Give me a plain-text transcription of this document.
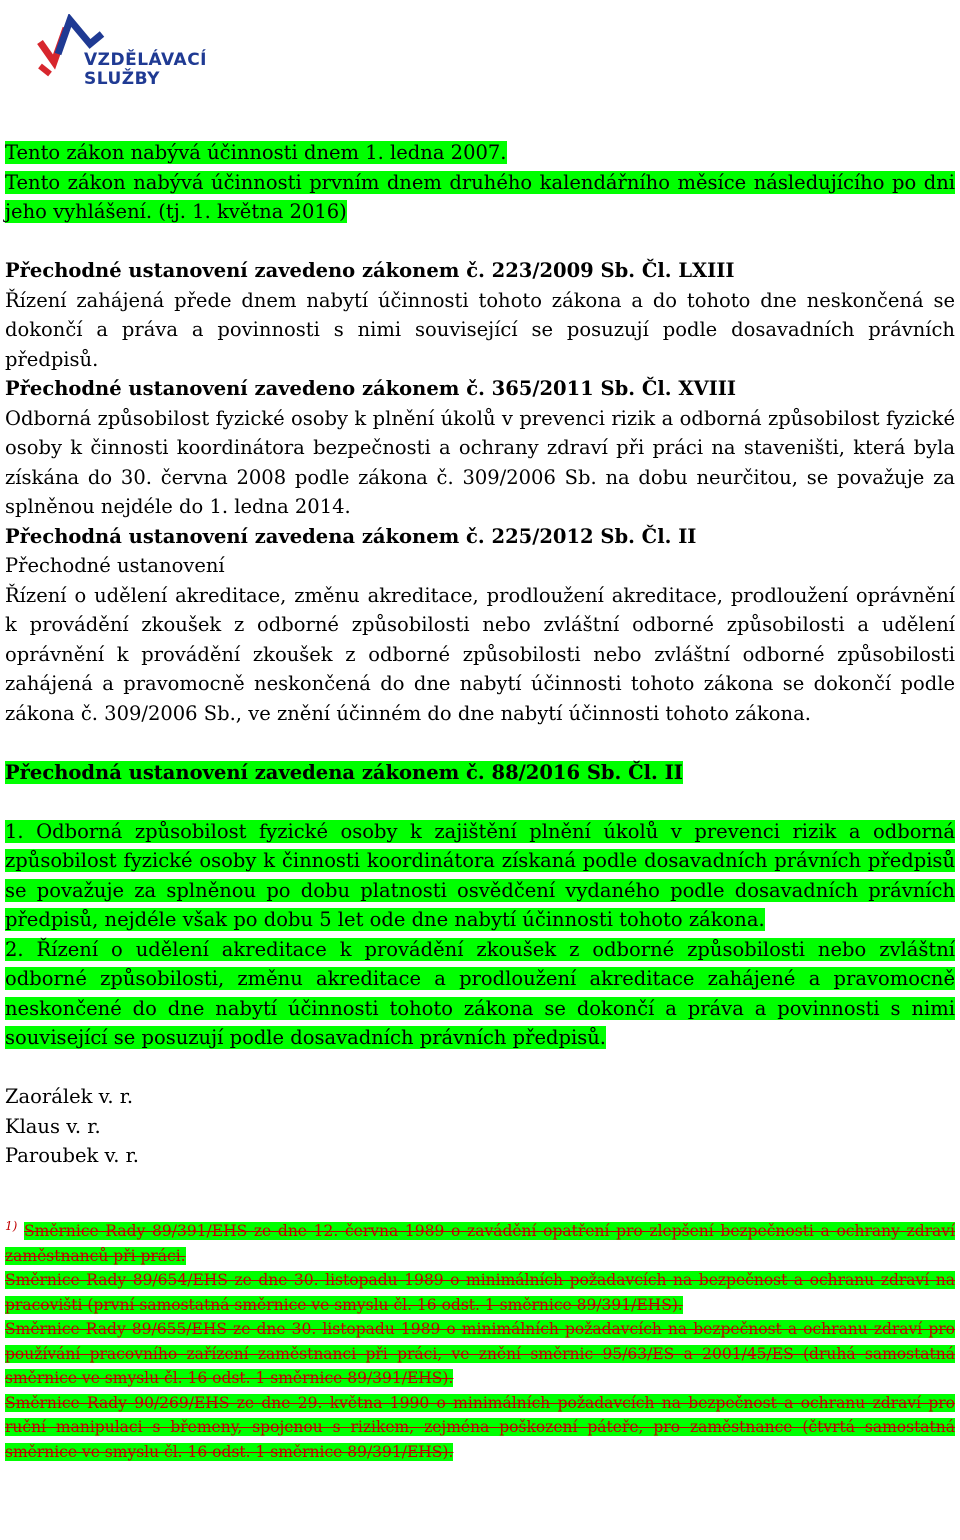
VZDĚLÁVACÍ
SLUŽBY

Tento zákon nabývá účinnosti dnem 1. ledna 2007.

Tento zákon nabývá účinnosti prvním dnem druhého kalendářního měsíce následujícího po dni jeho vyhlášení. (tj. 1. května 2016)

Přechodné ustanovení zavedeno zákonem č. 223/2009 Sb. Čl. LXIII

Řízení zahájená přede dnem nabytí účinnosti tohoto zákona a do tohoto dne neskončená se dokončí a práva a povinnosti s nimi související se posuzují podle dosavadních právních předpisů.

Přechodné ustanovení zavedeno zákonem č. 365/2011 Sb. Čl. XVIII

Odborná způsobilost fyzické osoby k plnění úkolů v prevenci rizik a odborná způsobilost fyzické osoby k činnosti koordinátora bezpečnosti a ochrany zdraví při práci na staveništi, která byla získána do 30. června 2008 podle zákona č. 309/2006 Sb. na dobu neurčitou, se považuje za splněnou nejdéle do 1. ledna 2014.

Přechodná ustanovení zavedena zákonem č. 225/2012 Sb. Čl. II

Přechodné ustanovení

Řízení o udělení akreditace, změnu akreditace, prodloužení akreditace, prodloužení oprávnění k provádění zkoušek z odborné způsobilosti nebo zvláštní odborné způsobilosti a udělení oprávnění k provádění zkoušek z odborné způsobilosti nebo zvláštní odborné způsobilosti zahájená a pravomocně neskončená do dne nabytí účinnosti tohoto zákona se dokončí podle zákona č. 309/2006 Sb., ve znění účinném do dne nabytí účinnosti tohoto zákona.

Přechodná ustanovení zavedena zákonem č. 88/2016 Sb. Čl. II

1. Odborná způsobilost fyzické osoby k zajištění plnění úkolů v prevenci rizik a odborná způsobilost fyzické osoby k činnosti koordinátora získaná podle dosavadních právních předpisů se považuje za splněnou po dobu platnosti osvědčení vydaného podle dosavadních právních předpisů, nejdéle však po dobu 5 let ode dne nabytí účinnosti tohoto zákona.

2. Řízení o udělení akreditace k provádění zkoušek z odborné způsobilosti nebo zvláštní odborné způsobilosti, změnu akreditace a prodloužení akreditace zahájené a pravomocně neskončené do dne nabytí účinnosti tohoto zákona se dokončí a práva a povinnosti s nimi související se posuzují podle dosavadních právních předpisů.

Zaorálek v. r.

Klaus v. r.

Paroubek v. r.

$^{1)}$ Směrnice Rady 89/391/EHS ze dne 12. června 1989 o zavádění opatření pro zlepšení bezpečnosti a ochrany zdraví zaměstnanců při práci.

Směrnice Rady 89/654/EHS ze dne 30. listopadu 1989 o minimálních požadavcích na bezpečnost a ochranu zdraví na pracovišti (první samostatná směrnice ve smyslu čl. 16 odst. 1 směrnice 89/391/EHS).

Směrnice Rady 89/655/EHS ze dne 30. listopadu 1989 o minimálních požadavcích na bezpečnost a ochranu zdraví pro používání pracovního zařízení zaměstnanci při práci, ve znění směrnic 95/63/ES a 2001/45/ES (druhá samostatná směrnice ve smyslu čl. 16 odst. 1 směrnice 89/391/EHS).

Směrnice Rady 90/269/EHS ze dne 29. května 1990 o minimálních požadavcích na bezpečnost a ochranu zdraví pro ruční manipulaci s břemeny, spojenou s rizikem, zejména poškození páteře, pro zaměstnance (čtvrtá samostatná směrnice ve smyslu čl. 16 odst. 1 směrnice 89/391/EHS).
